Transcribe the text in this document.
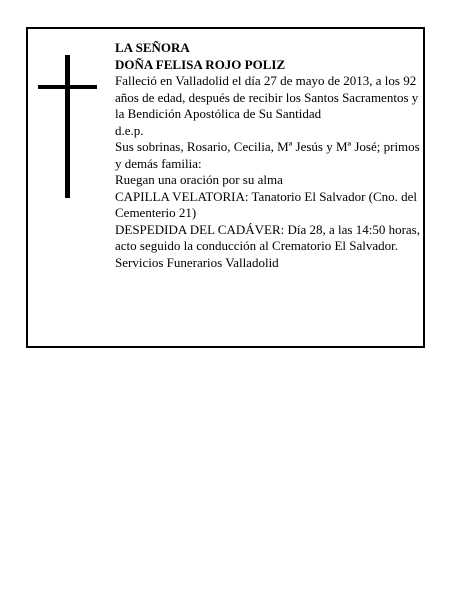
LA SEÑORA

DOÑA FELISA ROJO POLIZ

Falleció en Valladolid el día 27 de mayo de 2013, a los 92 años de edad, después de recibir los Santos Sacramentos y la Bendición Apostólica de Su Santidad

d.e.p.

Sus sobrinas, Rosario, Cecilia, Mª Jesús y Mª José; primos y demás familia:

Ruegan una oración por su alma

CAPILLA VELATORIA: Tanatorio El Salvador (Cno. del Cementerio 21)

DESPEDIDA DEL CADÁVER: Día 28, a las 14:50 horas, acto seguido la conducción al Crematorio El Salvador.

Servicios Funerarios Valladolid
